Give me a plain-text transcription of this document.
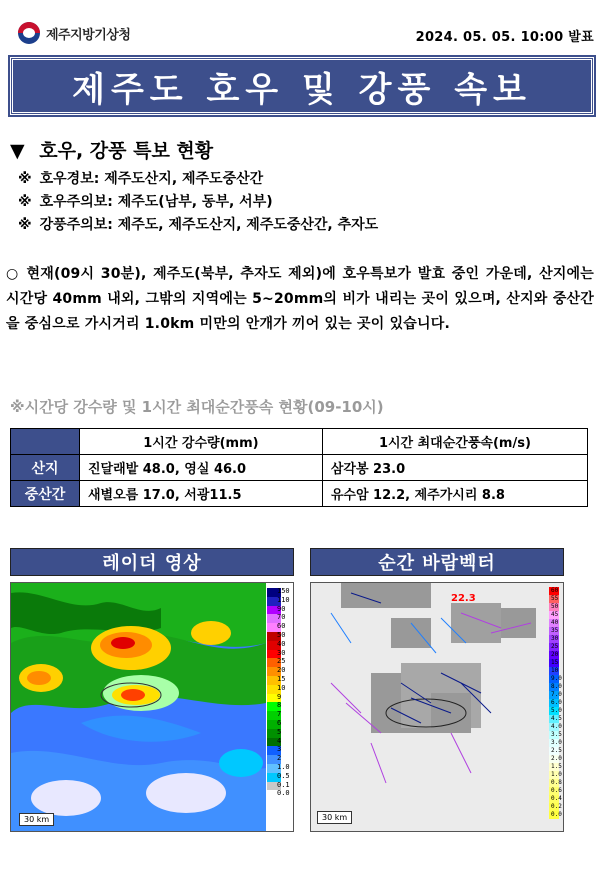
제주지방기상청	2024. 05. 05. 10:00 발표
제주도 호우 및 강풍 속보
▼ 호우, 강풍 특보 현황
※ 호우경보: 제주도산지, 제주도중산간
※ 호우주의보: 제주도(남부, 동부, 서부)
※ 강풍주의보: 제주도, 제주도산지, 제주도중산간, 추자도
○ 현재(09시 30분), 제주도(북부, 추자도 제외)에 호우특보가 발효 중인 가운데, 산지에는 시간당 40mm 내외, 그밖의 지역에는 5~20mm의 비가 내리는 곳이 있으며, 산지와 중산간을 중심으로 가시거리 1.0km 미만의 안개가 끼어 있는 곳이 있습니다.
※시간당 강수량 및 1시간 최대순간풍속 현황(09-10시)
	1시간 강수량(mm)	1시간 최대순간풍속(m/s)
산지	진달래밭 48.0, 영실 46.0	삼각봉 23.0
중산간	새별오름 17.0, 서광11.5	유수암 12.2, 제주가시리 8.8
레이더 영상
150
110
90
70
60
50
40
30
25
20
15
10
9
8
7
6
5
4
3
2
1.0
0.5
0.1
0.0
30 km
순간 바람벡터
22.3
60
55
50
45
40
35
30
25
20
15
10
9.0
8.0
7.0
6.0
5.0
4.5
4.0
3.5
3.0
2.5
2.0
1.5
1.0
0.8
0.6
0.4
0.2
0.0
30 km
